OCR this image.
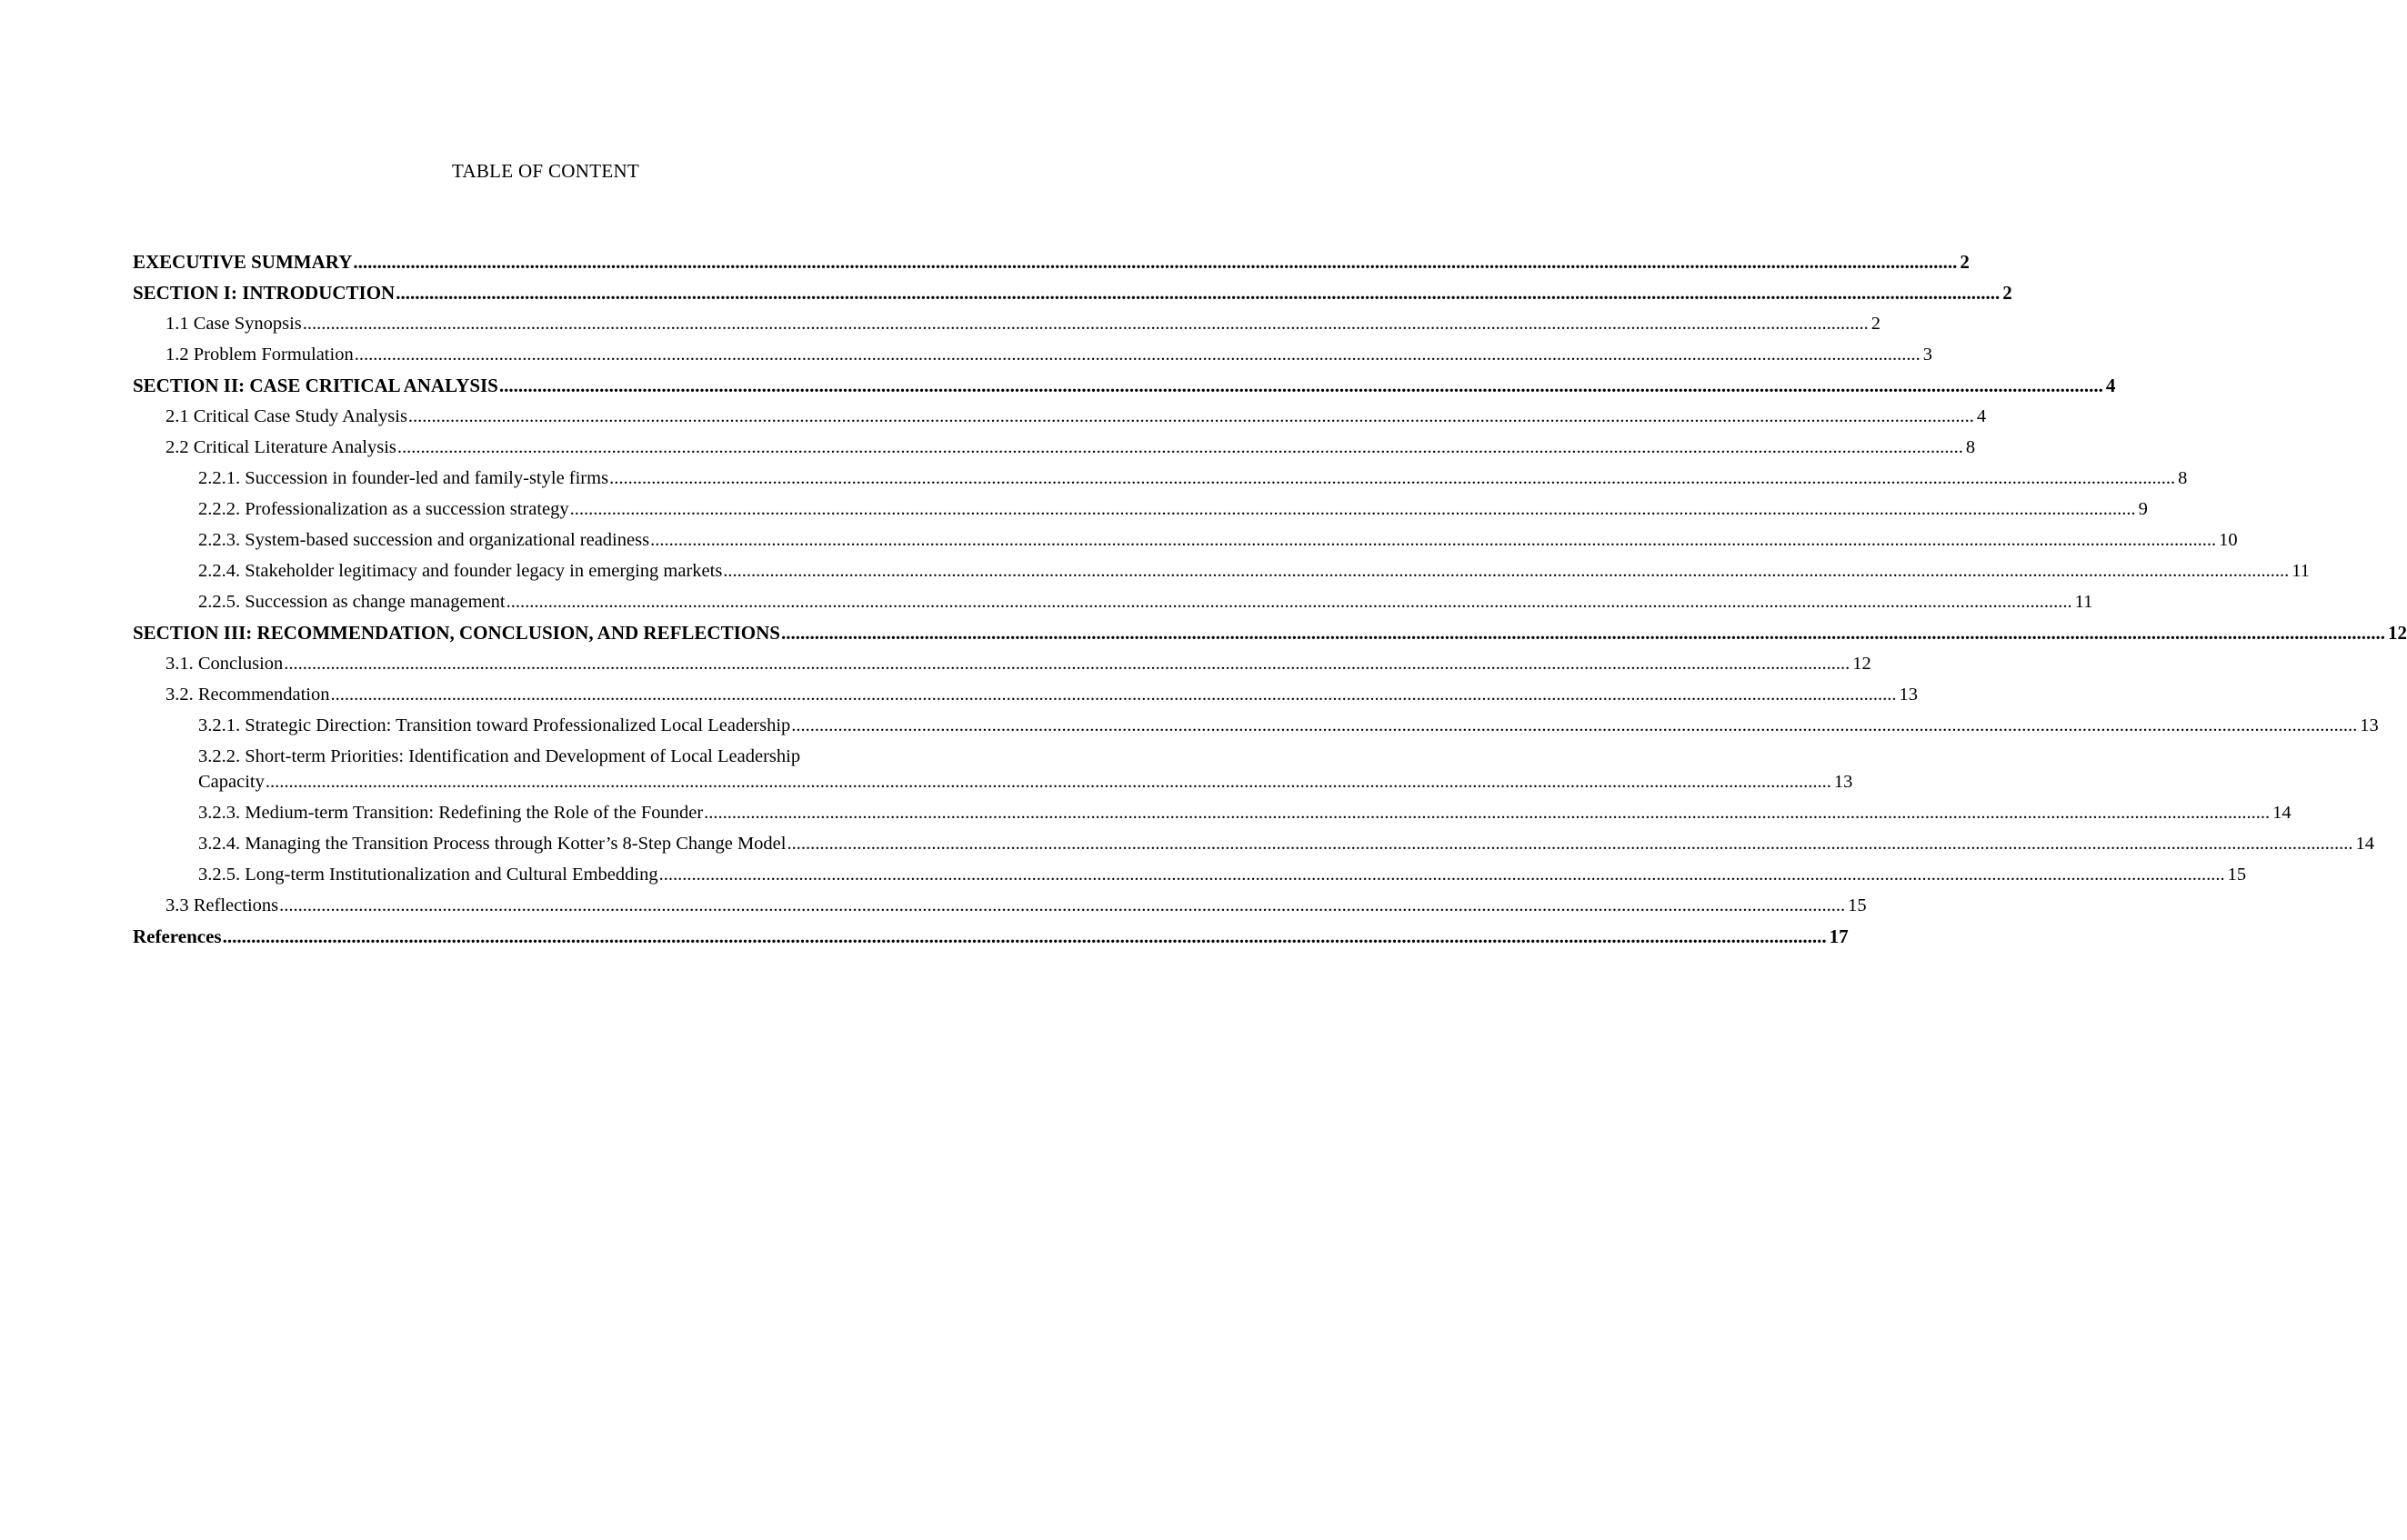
TABLE OF CONTENT
EXECUTIVE SUMMARY .....	2
SECTION I: INTRODUCTION .....	2
1.1 Case Synopsis .....	2
1.2 Problem Formulation .....	3
SECTION II: CASE CRITICAL ANALYSIS .....	4
2.1 Critical Case Study Analysis .....	4
2.2 Critical Literature Analysis .....	8
2.2.1. Succession in founder-led and family-style firms .....	8
2.2.2. Professionalization as a succession strategy .....	9
2.2.3. System-based succession and organizational readiness .....	10
2.2.4. Stakeholder legitimacy and founder legacy in emerging markets .....	11
2.2.5. Succession as change management .....	11
SECTION III: RECOMMENDATION, CONCLUSION, AND REFLECTIONS .....	12
3.1. Conclusion .....	12
3.2. Recommendation .....	13
3.2.1. Strategic Direction: Transition toward Professionalized Local Leadership .....	13
3.2.2. Short-term Priorities: Identification and Development of Local Leadership
Capacity .....	13
3.2.3. Medium-term Transition: Redefining the Role of the Founder .....	14
3.2.4. Managing the Transition Process through Kotter’s 8-Step Change Model .....	14
3.2.5. Long-term Institutionalization and Cultural Embedding .....	15
3.3 Reflections .....	15
References .....	17
